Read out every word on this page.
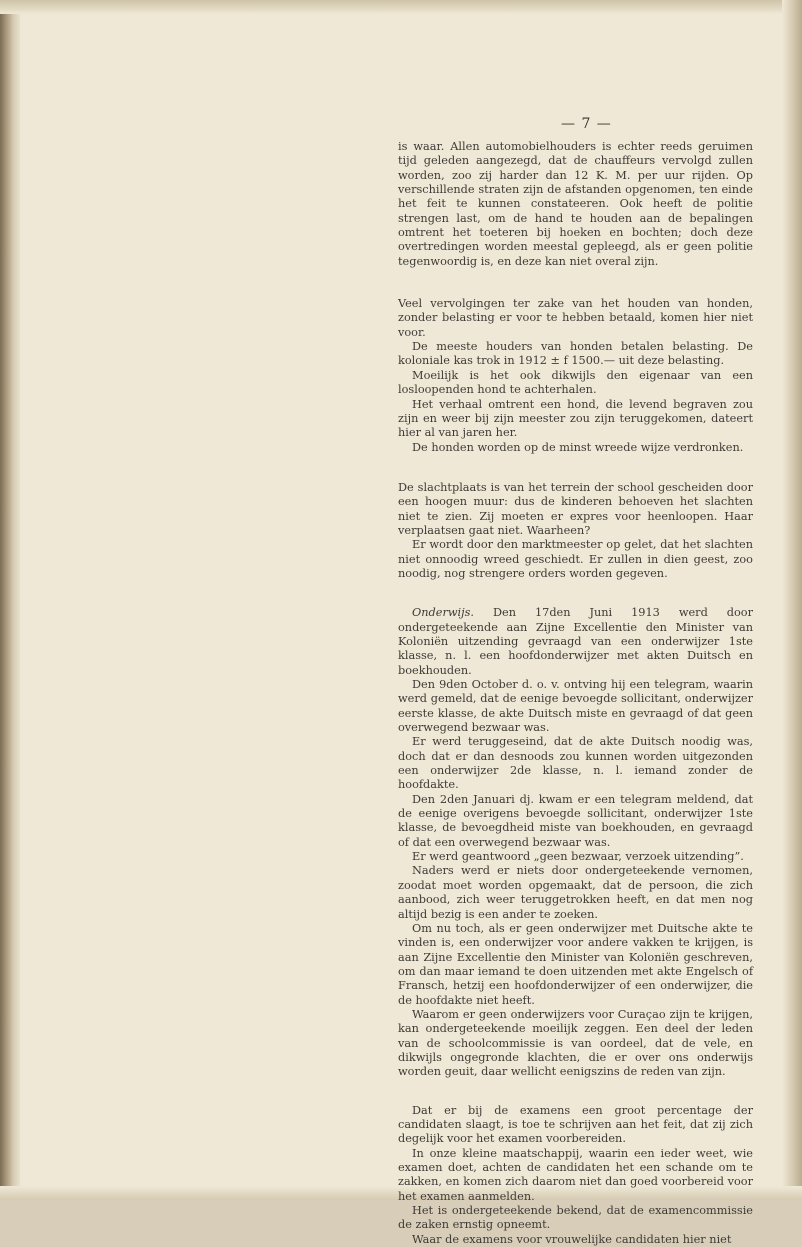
— 7 —

is waar. Allen automobielhouders is echter reeds geruimen tijd geleden aangezegd, dat de chauffeurs vervolgd zullen worden, zoo zij harder dan 12 K. M. per uur rijden. Op verschillende straten zijn de afstanden opgenomen, ten einde het feit te kunnen constateeren. Ook heeft de politie strengen last, om de hand te houden aan de bepalingen omtrent het toeteren bij hoeken en bochten; doch deze overtredingen worden meestal gepleegd, als er geen politie tegenwoordig is, en deze kan niet overal zijn.

Veel vervolgingen ter zake van het houden van honden, zonder belasting er voor te hebben betaald, komen hier niet voor.

De meeste houders van honden betalen belasting. De koloniale kas trok in 1912 ± f 1500.— uit deze belasting.

Moeilijk is het ook dikwijls den eigenaar van een losloopenden hond te achterhalen.

Het verhaal omtrent een hond, die levend begraven zou zijn en weer bij zijn meester zou zijn teruggekomen, dateert hier al van jaren her.

De honden worden op de minst wreede wijze verdronken.

De slachtplaats is van het terrein der school gescheiden door een hoogen muur: dus de kinderen behoeven het slachten niet te zien. Zij moeten er expres voor heenloopen. Haar verplaatsen gaat niet. Waarheen?

Er wordt door den marktmeester op gelet, dat het slachten niet onnoodig wreed geschiedt. Er zullen in dien geest, zoo noodig, nog strengere orders worden gegeven.

Onderwijs. Den 17den Juni 1913 werd door ondergeteekende aan Zijne Excellentie den Minister van Koloniën uitzending gevraagd van een onderwijzer 1ste klasse, n. l. een hoofdonderwijzer met akten Duitsch en boekhouden.

Den 9den October d. o. v. ontving hij een telegram, waarin werd gemeld, dat de eenige bevoegde sollicitant, onderwijzer eerste klasse, de akte Duitsch miste en gevraagd of dat geen overwegend bezwaar was.

Er werd teruggeseind, dat de akte Duitsch noodig was, doch dat er dan desnoods zou kunnen worden uitgezonden een onderwijzer 2de klasse, n. l. iemand zonder de hoofdakte.

Den 2den Januari dj. kwam er een telegram meldend, dat de eenige overigens bevoegde sollicitant, onderwijzer 1ste klasse, de bevoegdheid miste van boekhouden, en gevraagd of dat een overwegend bezwaar was.

Er werd geantwoord „geen bezwaar, verzoek uitzending”.

Naders werd er niets door ondergeteekende vernomen, zoodat moet worden opgemaakt, dat de persoon, die zich aanbood, zich weer teruggetrokken heeft, en dat men nog altijd bezig is een ander te zoeken.

Om nu toch, als er geen onderwijzer met Duitsche akte te vinden is, een onderwijzer voor andere vakken te krijgen, is aan Zijne Excellentie den Minister van Koloniën geschreven, om dan maar iemand te doen uitzenden met akte Engelsch of Fransch, hetzij een hoofdonderwijzer of een onderwijzer, die de hoofdakte niet heeft.

Waarom er geen onderwijzers voor Curaçao zijn te krijgen, kan ondergeteekende moeilijk zeggen. Een deel der leden van de schoolcommissie is van oordeel, dat de vele, en dikwijls ongegronde klachten, die er over ons onderwijs worden geuit, daar wellicht eenigszins de reden van zijn.

Dat er bij de examens een groot percentage der candidaten slaagt, is toe te schrijven aan het feit, dat zij zich degelijk voor het examen voorbereiden.

In onze kleine maatschappij, waarin een ieder weet, wie examen doet, achten de candidaten het een schande om te zakken, en komen zich daarom niet dan goed voorbereid voor het examen aanmelden.

Het is ondergeteekende bekend, dat de examencommissie de zaken ernstig opneemt.

Waar de examens voor vrouwelijke candidaten hier niet
